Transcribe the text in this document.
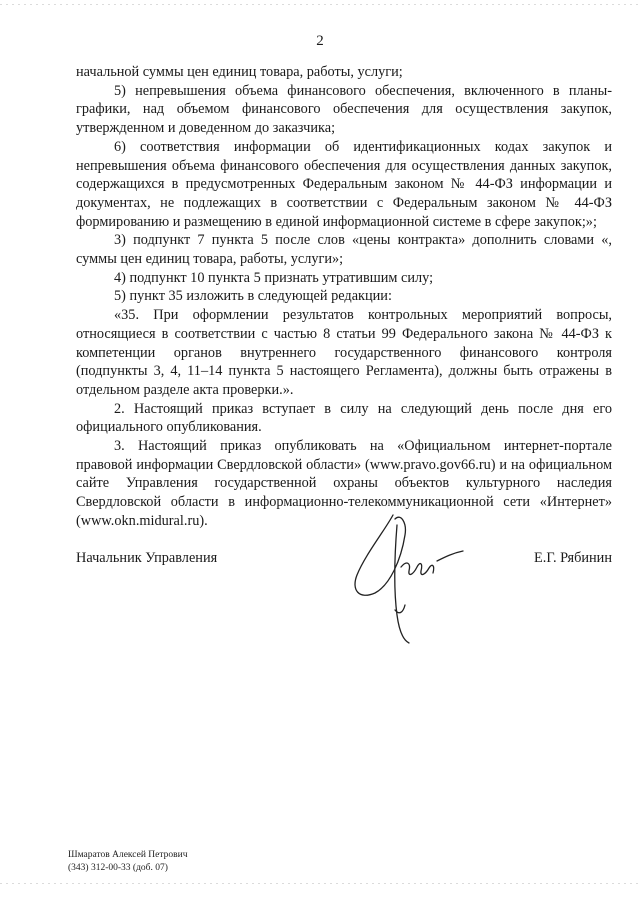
2

начальной суммы цен единиц товара, работы, услуги;

5) непревышения объема финансового обеспечения, включенного в планы-графики, над объемом финансового обеспечения для осуществления закупок, утвержденном и доведенном до заказчика;

6) соответствия информации об идентификационных кодах закупок и непревышения объема финансового обеспечения для осуществления данных закупок, содержащихся в предусмотренных Федеральным законом № 44-ФЗ информации и документах, не подлежащих в соответствии с Федеральным законом № 44-ФЗ формированию и размещению в единой информационной системе в сфере закупок;»;

3) подпункт 7 пункта 5 после слов «цены контракта» дополнить словами «, суммы цен единиц товара, работы, услуги»;

4) подпункт 10 пункта 5 признать утратившим силу;

5) пункт 35 изложить в следующей редакции:

«35. При оформлении результатов контрольных мероприятий вопросы, относящиеся в соответствии с частью 8 статьи 99 Федерального закона № 44-ФЗ к компетенции органов внутреннего государственного финансового контроля (подпункты 3, 4, 11–14 пункта 5 настоящего Регламента), должны быть отражены в отдельном разделе акта проверки.».

2. Настоящий приказ вступает в силу на следующий день после дня его официального опубликования.

3. Настоящий приказ опубликовать на «Официальном интернет-портале правовой информации Свердловской области» (www.pravo.gov66.ru) и на официальном сайте Управления государственной охраны объектов культурного наследия Свердловской области в информационно-телекоммуникационной сети «Интернет» (www.okn.midural.ru).

Начальник Управления	Е.Г. Рябинин
Шмаратов Алексей Петрович
(343) 312-00-33 (доб. 07)
